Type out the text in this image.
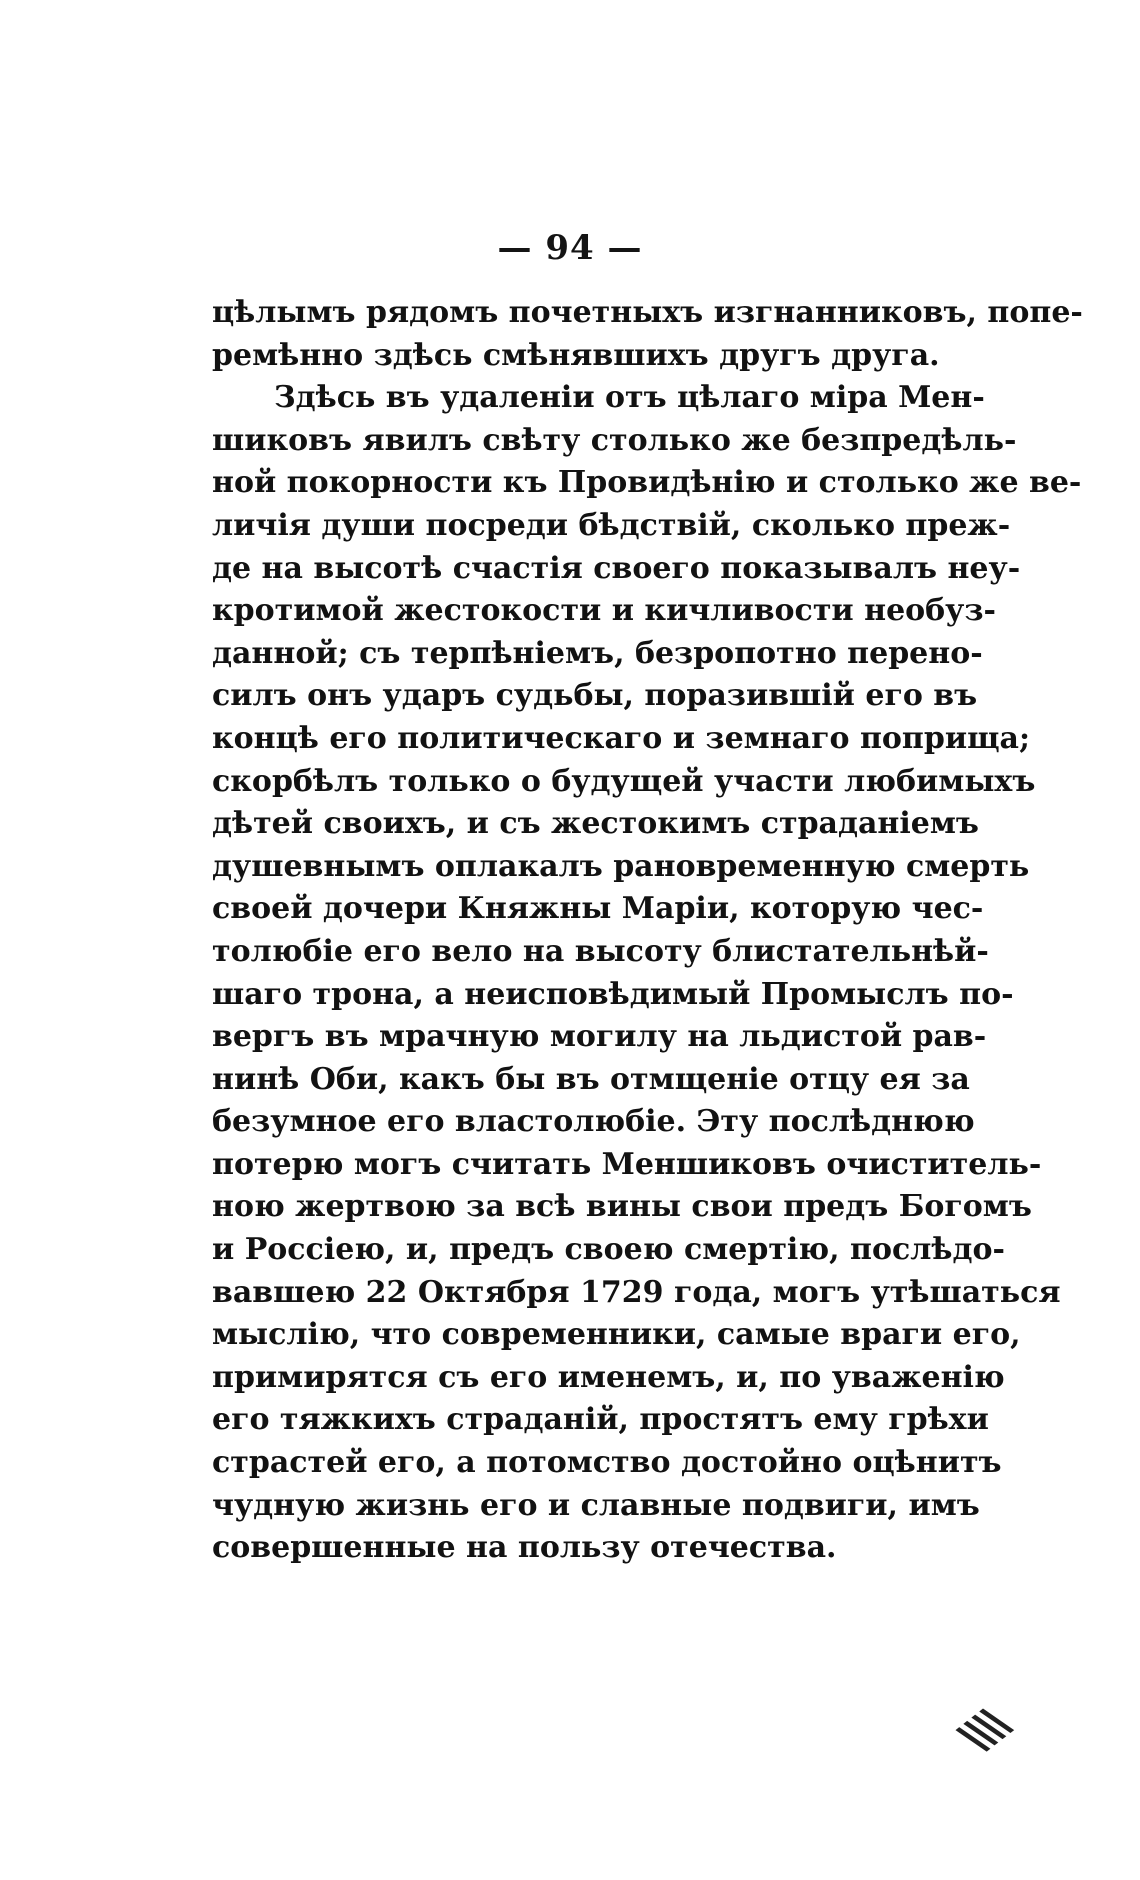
— 94 —
цѣлымъ рядомъ почетныхъ изгнанниковъ, попе-
ремѣнно здѣсь смѣнявшихъ другъ друга.
Здѣсь въ удаленіи отъ цѣлаго міра Мен-
шиковъ явилъ свѣту столько же безпредѣль-
ной покорности къ Провидѣнію и столько же ве-
личія души посреди бѣдствій, сколько преж-
де на высотѣ счастія своего показывалъ неу-
кротимой жестокости и кичливости необуз-
данной; съ терпѣніемъ, безропотно перено-
силъ онъ ударъ судьбы, поразившій его въ
концѣ его политическаго и земнаго поприща;
скорбѣлъ только о будущей участи любимыхъ
дѣтей своихъ, и съ жестокимъ страданіемъ
душевнымъ оплакалъ рановременную смерть
своей дочери Княжны Маріи, которую чес-
толюбіе его вело на высоту блистательнѣй-
шаго трона, а неисповѣдимый Промыслъ по-
вергъ въ мрачную могилу на льдистой рав-
нинѣ Оби, какъ бы въ отмщеніе отцу ея за
безумное его властолюбіе. Эту послѣднюю
потерю могъ считать Меншиковъ очиститель-
ною жертвою за всѣ вины свои предъ Богомъ
и Россіею, и, предъ своею смертію, послѣдо-
вавшею 22 Октября 1729 года, могъ утѣшаться
мыслію, что современники, самые враги его,
примирятся съ его именемъ, и, по уваженію
его тяжкихъ страданій, простятъ ему грѣхи
страстей его, а потомство достойно оцѣнитъ
чудную жизнь его и славные подвиги, имъ
совершенные на пользу отечества.
\\\\
